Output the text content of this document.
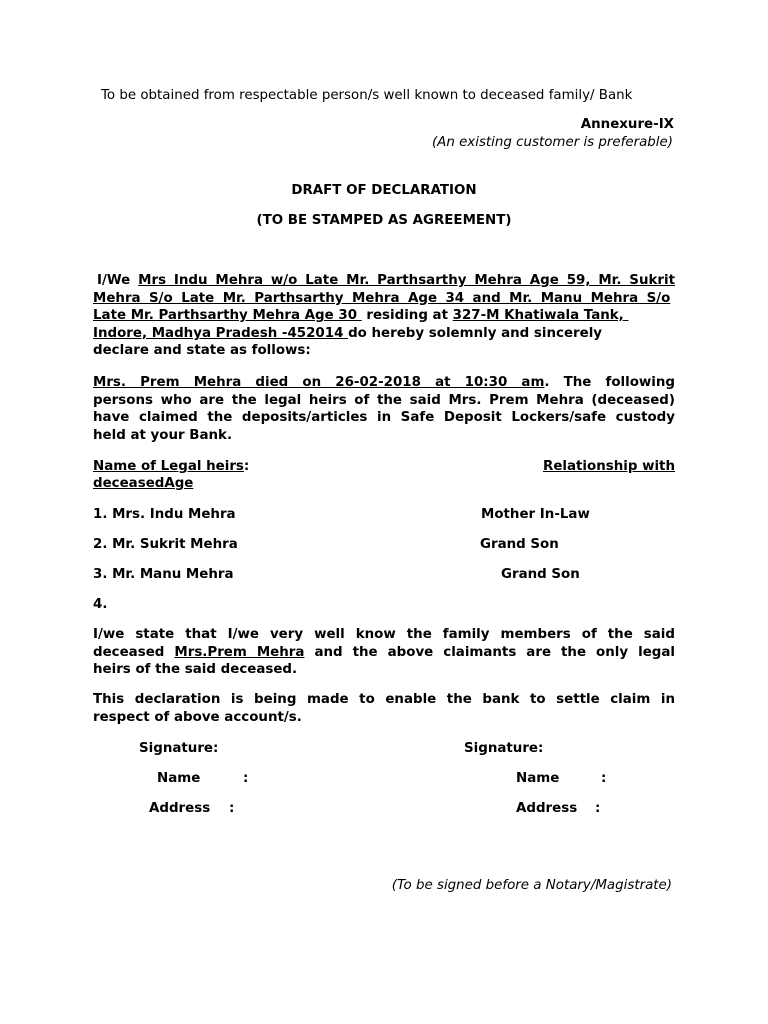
To be obtained from respectable person/s well known to deceased family/ Bank
Annexure-IX
(An existing customer is preferable)
DRAFT OF DECLARATION
(TO BE STAMPED AS AGREEMENT)
I/We Mrs Indu Mehra w/o Late Mr. Parthsarthy Mehra Age 59, Mr. Sukrit
Mehra S/o Late Mr. Parthsarthy Mehra Age 34 and Mr. Manu Mehra S/o
Late Mr. Parthsarthy Mehra Age 30 residing at 327-M Khatiwala Tank,
Indore, Madhya Pradesh -452014 do hereby solemnly and sincerely
declare and state as follows:
Mrs. Prem Mehra died on 26-02-2018 at 10:30 am. The following
persons who are the legal heirs of the said Mrs. Prem Mehra (deceased)
have claimed the deposits/articles in Safe Deposit Lockers/safe custody
held at your Bank.
Name of Legal heirs:	Relationship with
deceasedAge
1. Mrs. Indu Mehra	Mother In-Law
2. Mr. Sukrit Mehra	Grand Son
3. Mr. Manu Mehra	Grand Son
4.
I/we state that I/we very well know the family members of the said
deceased Mrs.Prem Mehra and the above claimants are the only legal
heirs of the said deceased.
This declaration is being made to enable the bank to settle claim in
respect of above account/s.
Signature:
Name	:
Address :
Signature:
Name	:
Address :
(To be signed before a Notary/Magistrate)
